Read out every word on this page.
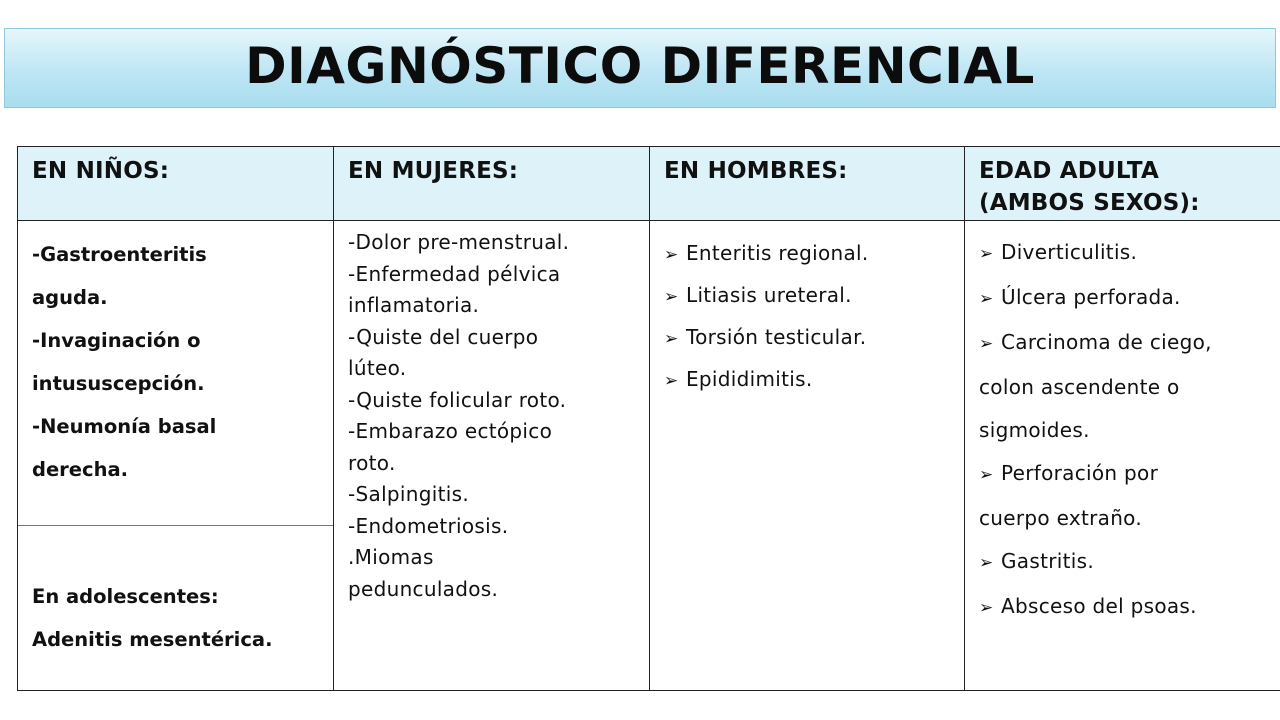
DIAGNÓSTICO DIFERENCIAL
EN NIÑOS:
-Gastroenteritis
aguda.
-Invaginación o
intususcepción.
-Neumonía basal
derecha.
En adolescentes:
Adenitis mesentérica.
EN MUJERES:
-Dolor pre-menstrual.
-Enfermedad pélvica
inflamatoria.
-Quiste del cuerpo
lúteo.
-Quiste folicular roto.
-Embarazo ectópico
roto.
-Salpingitis.
-Endometriosis.
.Miomas
pedunculados.
EN HOMBRES:
➢ Enteritis regional.
➢ Litiasis ureteral.
➢ Torsión testicular.
➢ Epididimitis.
EDAD ADULTA
(AMBOS SEXOS):
➢ Diverticulitis.
➢ Úlcera perforada.
➢ Carcinoma de ciego,
colon ascendente o
sigmoides.
➢ Perforación por
cuerpo extraño.
➢ Gastritis.
➢ Absceso del psoas.
